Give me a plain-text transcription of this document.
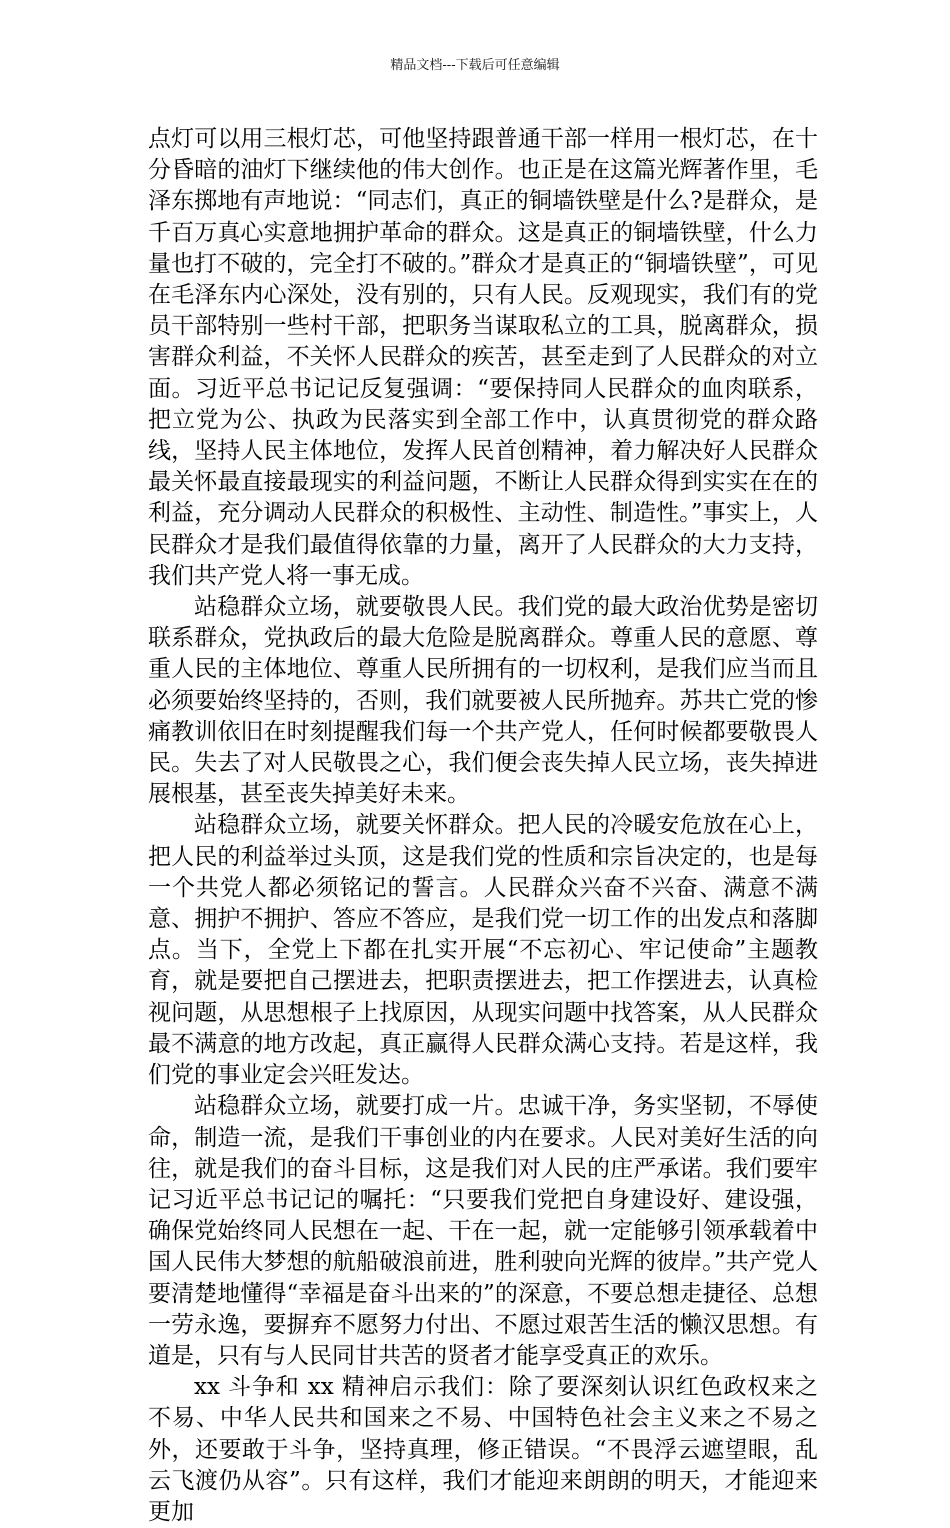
精品文档---下载后可任意编辑

点灯可以用三根灯芯，可他坚持跟普通干部一样用一根灯芯，在十分昏暗的油灯下继续他的伟大创作。也正是在这篇光辉著作里，毛泽东掷地有声地说：“同志们，真正的铜墙铁壁是什么?是群众，是千百万真心实意地拥护革命的群众。这是真正的铜墙铁壁，什么力量也打不破的，完全打不破的。”群众才是真正的“铜墙铁壁”，可见在毛泽东内心深处，没有别的，只有人民。反观现实，我们有的党员干部特别一些村干部，把职务当谋取私立的工具，脱离群众，损害群众利益，不关怀人民群众的疾苦，甚至走到了人民群众的对立面。习近平总书记记反复强调：“要保持同人民群众的血肉联系，把立党为公、执政为民落实到全部工作中，认真贯彻党的群众路线，坚持人民主体地位，发挥人民首创精神，着力解决好人民群众最关怀最直接最现实的利益问题，不断让人民群众得到实实在在的利益，充分调动人民群众的积极性、主动性、制造性。”事实上，人民群众才是我们最值得依靠的力量，离开了人民群众的大力支持，我们共产党人将一事无成。

站稳群众立场，就要敬畏人民。我们党的最大政治优势是密切联系群众，党执政后的最大危险是脱离群众。尊重人民的意愿、尊重人民的主体地位、尊重人民所拥有的一切权利，是我们应当而且必须要始终坚持的，否则，我们就要被人民所抛弃。苏共亡党的惨痛教训依旧在时刻提醒我们每一个共产党人，任何时候都要敬畏人民。失去了对人民敬畏之心，我们便会丧失掉人民立场，丧失掉进展根基，甚至丧失掉美好未来。

站稳群众立场，就要关怀群众。把人民的冷暖安危放在心上，把人民的利益举过头顶，这是我们党的性质和宗旨决定的，也是每一个共党人都必须铭记的誓言。人民群众兴奋不兴奋、满意不满意、拥护不拥护、答应不答应，是我们党一切工作的出发点和落脚点。当下，全党上下都在扎实开展“不忘初心、牢记使命”主题教育，就是要把自己摆进去，把职责摆进去，把工作摆进去，认真检视问题，从思想根子上找原因，从现实问题中找答案，从人民群众最不满意的地方改起，真正赢得人民群众满心支持。若是这样，我们党的事业定会兴旺发达。

站稳群众立场，就要打成一片。忠诚干净，务实坚韧，不辱使命，制造一流，是我们干事创业的内在要求。人民对美好生活的向往，就是我们的奋斗目标，这是我们对人民的庄严承诺。我们要牢记习近平总书记记的嘱托：“只要我们党把自身建设好、建设强，确保党始终同人民想在一起、干在一起，就一定能够引领承载着中国人民伟大梦想的航船破浪前进，胜利驶向光辉的彼岸。”共产党人要清楚地懂得“幸福是奋斗出来的”的深意，不要总想走捷径、总想一劳永逸，要摒弃不愿努力付出、不愿过艰苦生活的懒汉思想。有道是，只有与人民同甘共苦的贤者才能享受真正的欢乐。

xx 斗争和 xx 精神启示我们：除了要深刻认识红色政权来之不易、中华人民共和国来之不易、中国特色社会主义来之不易之外，还要敢于斗争，坚持真理，修正错误。“不畏浮云遮望眼，乱云飞渡仍从容”。只有这样，我们才能迎来朗朗的明天，才能迎来更加
